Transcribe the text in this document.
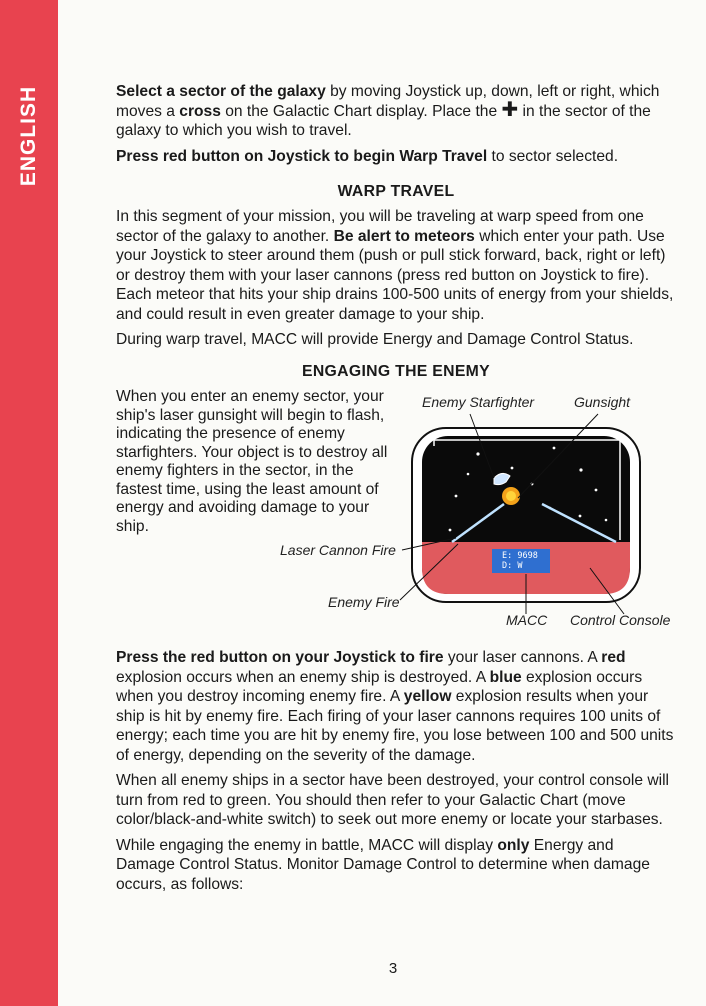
ENGLISH	Select a sector of the galaxy by moving Joystick up, down, left or right, which moves a cross on the Galactic Chart display. Place the ✚ in the sector of the galaxy to which you wish to travel.

Press red button on Joystick to begin Warp Travel to sector selected.

WARP TRAVEL

In this segment of your mission, you will be traveling at warp speed from one sector of the galaxy to another. Be alert to meteors which enter your path. Use your Joystick to steer around them (push or pull stick forward, back, right or left) or destroy them with your laser cannons (press red button on Joystick to fire). Each meteor that hits your ship drains 100-500 units of energy from your shields, and could result in even greater damage to your ship.

During warp travel, MACC will provide Energy and Damage Control Status.

ENGAGING THE ENEMY

When you enter an enemy sector, your ship's laser gunsight will begin to flash, indicating the presence of enemy starfighters. Your object is to destroy all enemy fighters in the sector, in the fastest time, using the least amount of energy and avoiding damage to your ship.

Enemy Starfighter	Gunsight
Laser Cannon Fire
Enemy Fire
MACC Control Console
E: 9698
D: W

Press the red button on your Joystick to fire your laser cannons. A red explosion occurs when an enemy ship is destroyed. A blue explosion occurs when you destroy incoming enemy fire. A yellow explosion results when your ship is hit by enemy fire. Each firing of your laser cannons requires 100 units of energy; each time you are hit by enemy fire, you lose between 100 and 500 units of energy, depending on the severity of the damage.

When all enemy ships in a sector have been destroyed, your control console will turn from red to green. You should then refer to your Galactic Chart (move color/black-and-white switch) to seek out more enemy or locate your starbases.

While engaging the enemy in battle, MACC will display only Energy and Damage Control Status. Monitor Damage Control to determine when damage occurs, as follows:

3
